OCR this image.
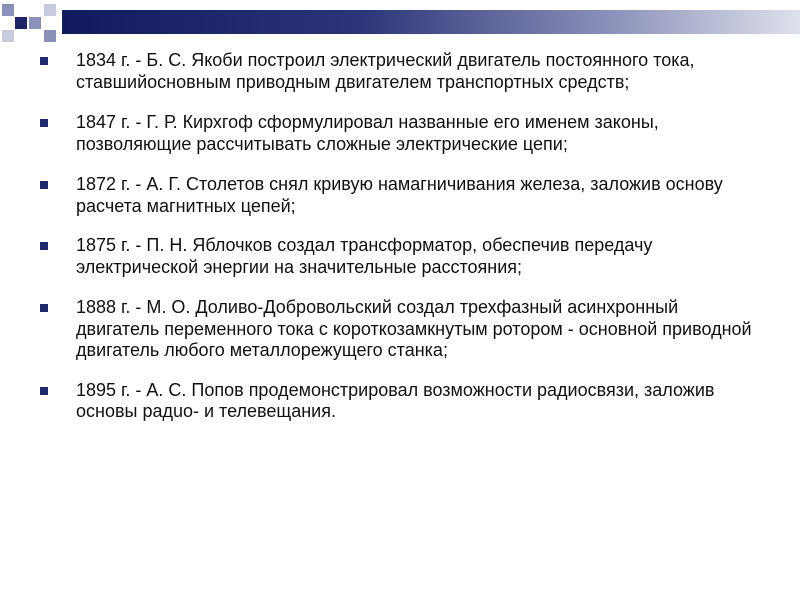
1834 г. - Б. С. Якоби построил электрический двигатель постоянного тока, ставшийосновным приводным двигателем транспортных средств;
1847 г. - Г. Р. Кирхгоф сформулировал названные его именем законы, позволяющие рассчитывать сложные электрические цепи;
1872 г. - А. Г. Столетов снял кривую намагничивания железа, заложив основу расчета магнитных цепей;
1875 г. - П. Н. Яблочков создал трансформатор, обеспечив передачу электрической энергии на значительные расстояния;
1888 г. - М. О. Доливо-Добровольский создал трехфазный асинхронный двигатель переменного тока с короткозамкнутым ротором - основной приводной двигатель любого металлорежущего станка;
1895 г. - А. С. Попов продемонстрировал возможности радиосвязи, заложив основы радuо- и телевещания.
